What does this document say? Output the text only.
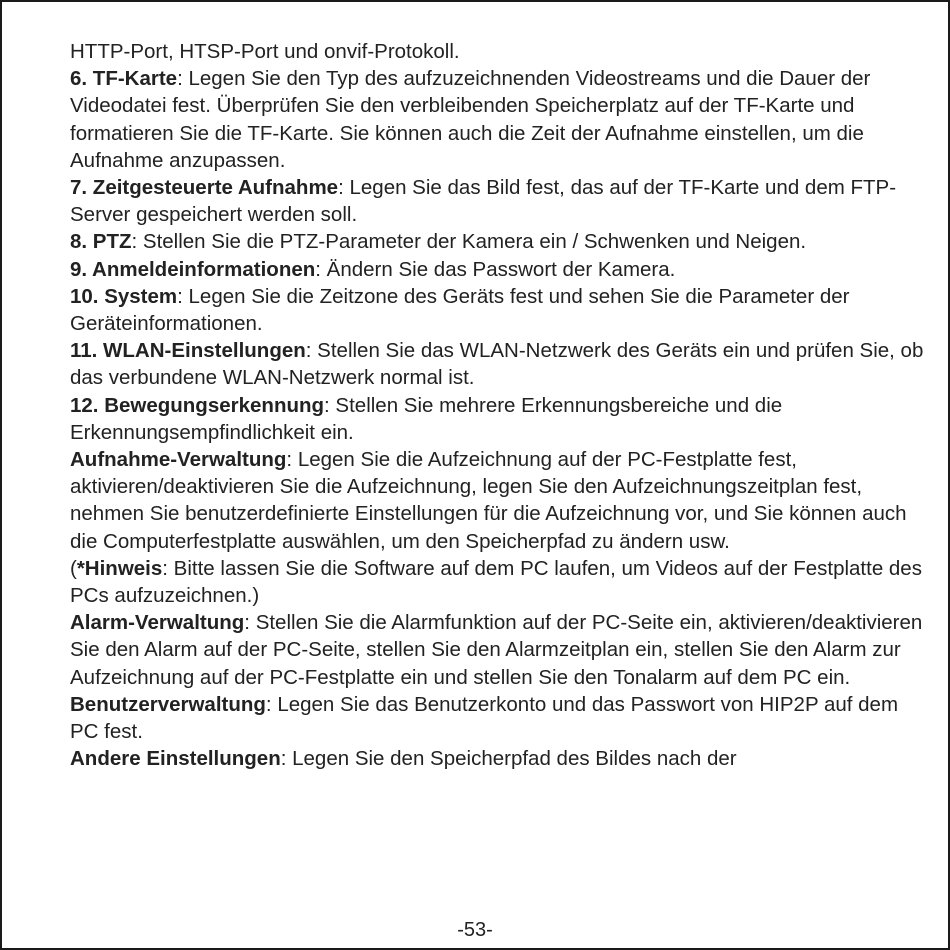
HTTP-Port, HTSP-Port und onvif-Protokoll.

6. TF-Karte: Legen Sie den Typ des aufzuzeichnenden Videostreams und die Dauer der Videodatei fest. Überprüfen Sie den verbleibenden Speicherplatz auf der TF-Karte und formatieren Sie die TF-Karte. Sie können auch die Zeit der Aufnahme einstellen, um die Aufnahme anzupassen.

7. Zeitgesteuerte Aufnahme: Legen Sie das Bild fest, das auf der TF-Karte und dem FTP-Server gespeichert werden soll.

8. PTZ: Stellen Sie die PTZ-Parameter der Kamera ein / Schwenken und Neigen.

9. Anmeldeinformationen: Ändern Sie das Passwort der Kamera.

10. System: Legen Sie die Zeitzone des Geräts fest und sehen Sie die Parameter der Geräteinformationen.

11. WLAN-Einstellungen: Stellen Sie das WLAN-Netzwerk des Geräts ein und prüfen Sie, ob das verbundene WLAN-Netzwerk normal ist.

12. Bewegungserkennung: Stellen Sie mehrere Erkennungsbereiche und die Erkennungsempfindlichkeit ein.

Aufnahme-Verwaltung: Legen Sie die Aufzeichnung auf der PC-Festplatte fest, aktivieren/deaktivieren Sie die Aufzeichnung, legen Sie den Aufzeichnungszeitplan fest, nehmen Sie benutzerdefinierte Einstellungen für die Aufzeichnung vor, und Sie können auch die Computerfestplatte auswählen, um den Speicherpfad zu ändern usw.

(*Hinweis: Bitte lassen Sie die Software auf dem PC laufen, um Videos auf der Festplatte des PCs aufzuzeichnen.)

Alarm-Verwaltung: Stellen Sie die Alarmfunktion auf der PC-Seite ein, aktivieren/deaktivieren Sie den Alarm auf der PC-Seite, stellen Sie den Alarmzeitplan ein, stellen Sie den Alarm zur Aufzeichnung auf der PC-Festplatte ein und stellen Sie den Tonalarm auf dem PC ein.

Benutzerverwaltung: Legen Sie das Benutzerkonto und das Passwort von HIP2P auf dem PC fest.

Andere Einstellungen: Legen Sie den Speicherpfad des Bildes nach der

-53-
